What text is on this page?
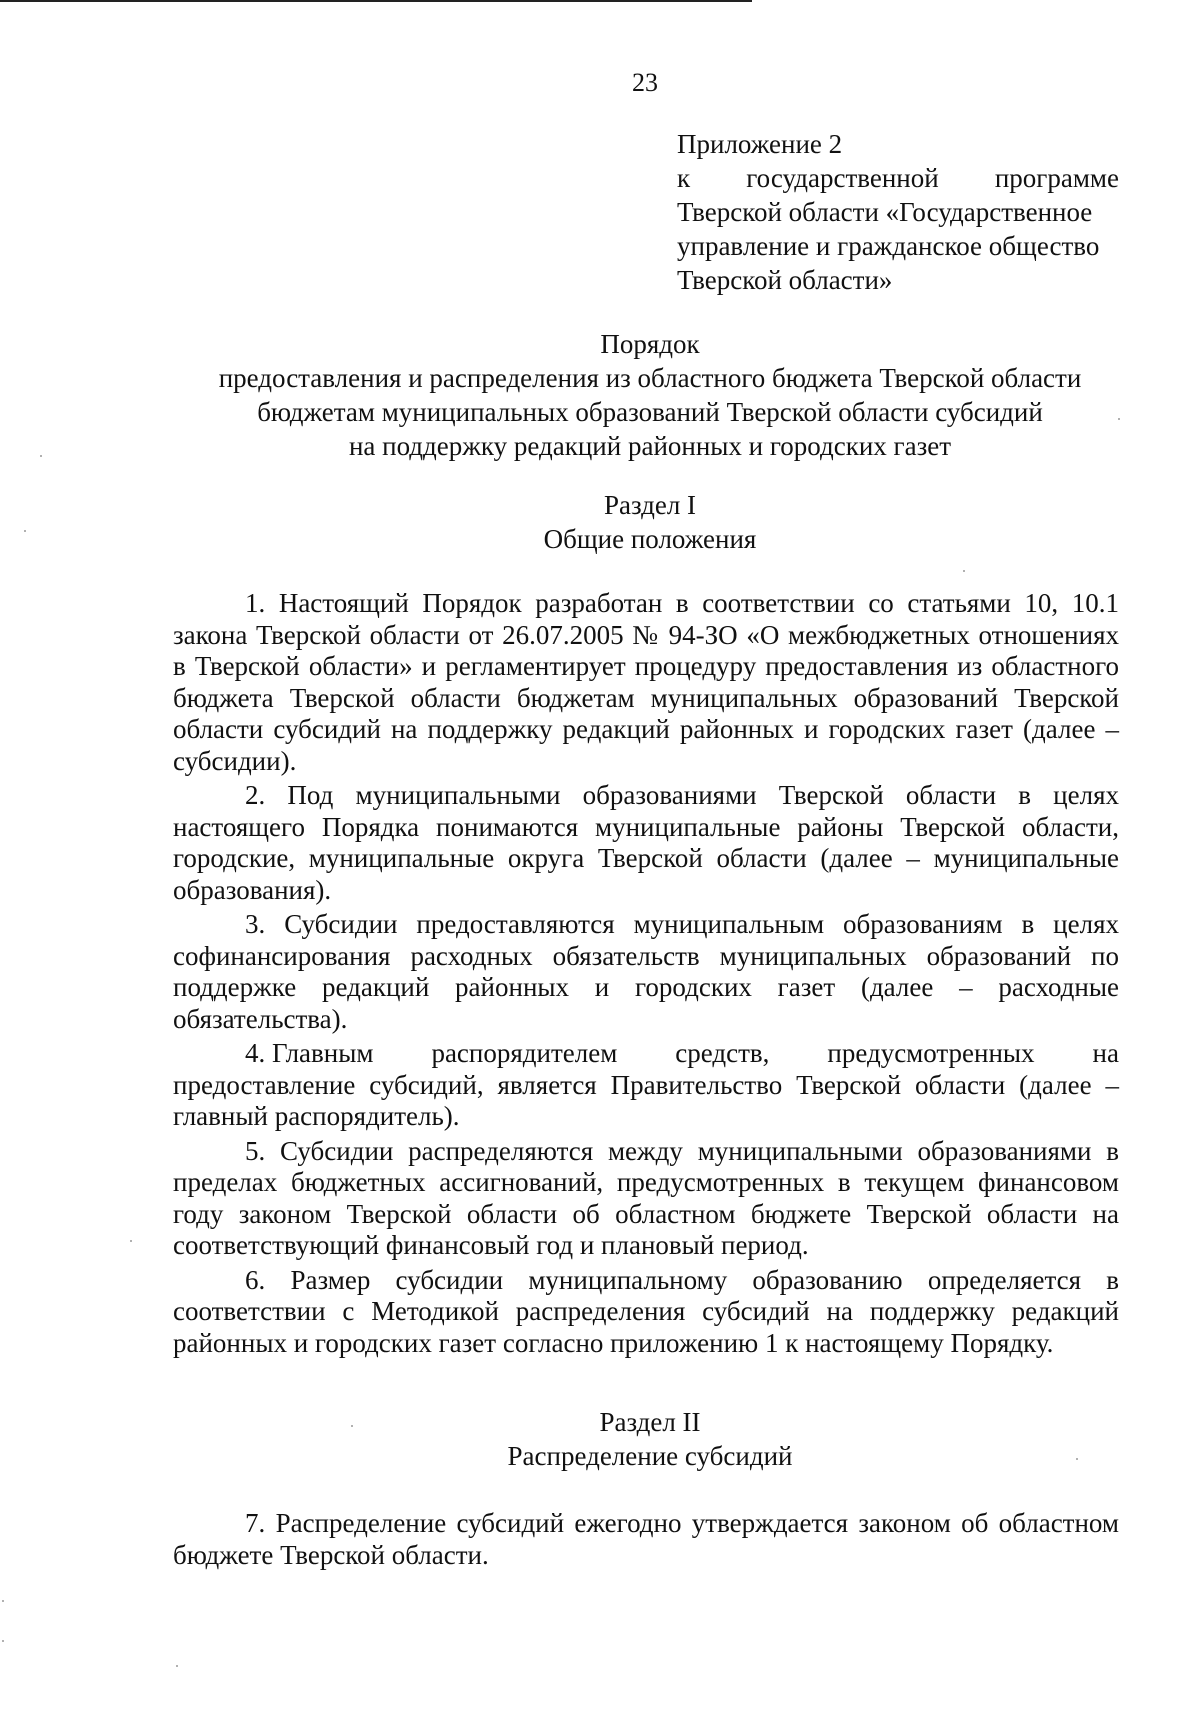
23
Приложение 2
к государственной программе
Тверской области «Государственное
управление и гражданское общество
Тверской области»
Порядок
предоставления и распределения из областного бюджета Тверской области
бюджетам муниципальных образований Тверской области субсидий
на поддержку редакций районных и городских газет
Раздел I
Общие положения

1. Настоящий Порядок разработан в соответствии со статьями 10, 10.1 закона Тверской области от 26.07.2005 № 94-ЗО «О межбюджетных отношениях в Тверской области» и регламентирует процедуру предоставления из областного бюджета Тверской области бюджетам муниципальных образований Тверской области субсидий на поддержку редакций районных и городских газет (далее – субсидии).

2. Под муниципальными образованиями Тверской области в целях настоящего Порядка понимаются муниципальные районы Тверской области, городские, муниципальные округа Тверской области (далее – муниципальные образования).

3. Субсидии предоставляются муниципальным образованиям в целях софинансирования расходных обязательств муниципальных образований по поддержке редакций районных и городских газет (далее – расходные обязательства).

4. Главным распорядителем средств, предусмотренных на

предоставление субсидий, является Правительство Тверской области (далее – главный распорядитель).

5. Субсидии распределяются между муниципальными образованиями в пределах бюджетных ассигнований, предусмотренных в текущем финансовом году законом Тверской области об областном бюджете Тверской области на соответствующий финансовый год и плановый период.

6. Размер субсидии муниципальному образованию определяется в соответствии с Методикой распределения субсидий на поддержку редакций районных и городских газет согласно приложению 1 к настоящему Порядку.

Раздел II
Распределение субсидий

7. Распределение субсидий ежегодно утверждается законом об областном бюджете Тверской области.
